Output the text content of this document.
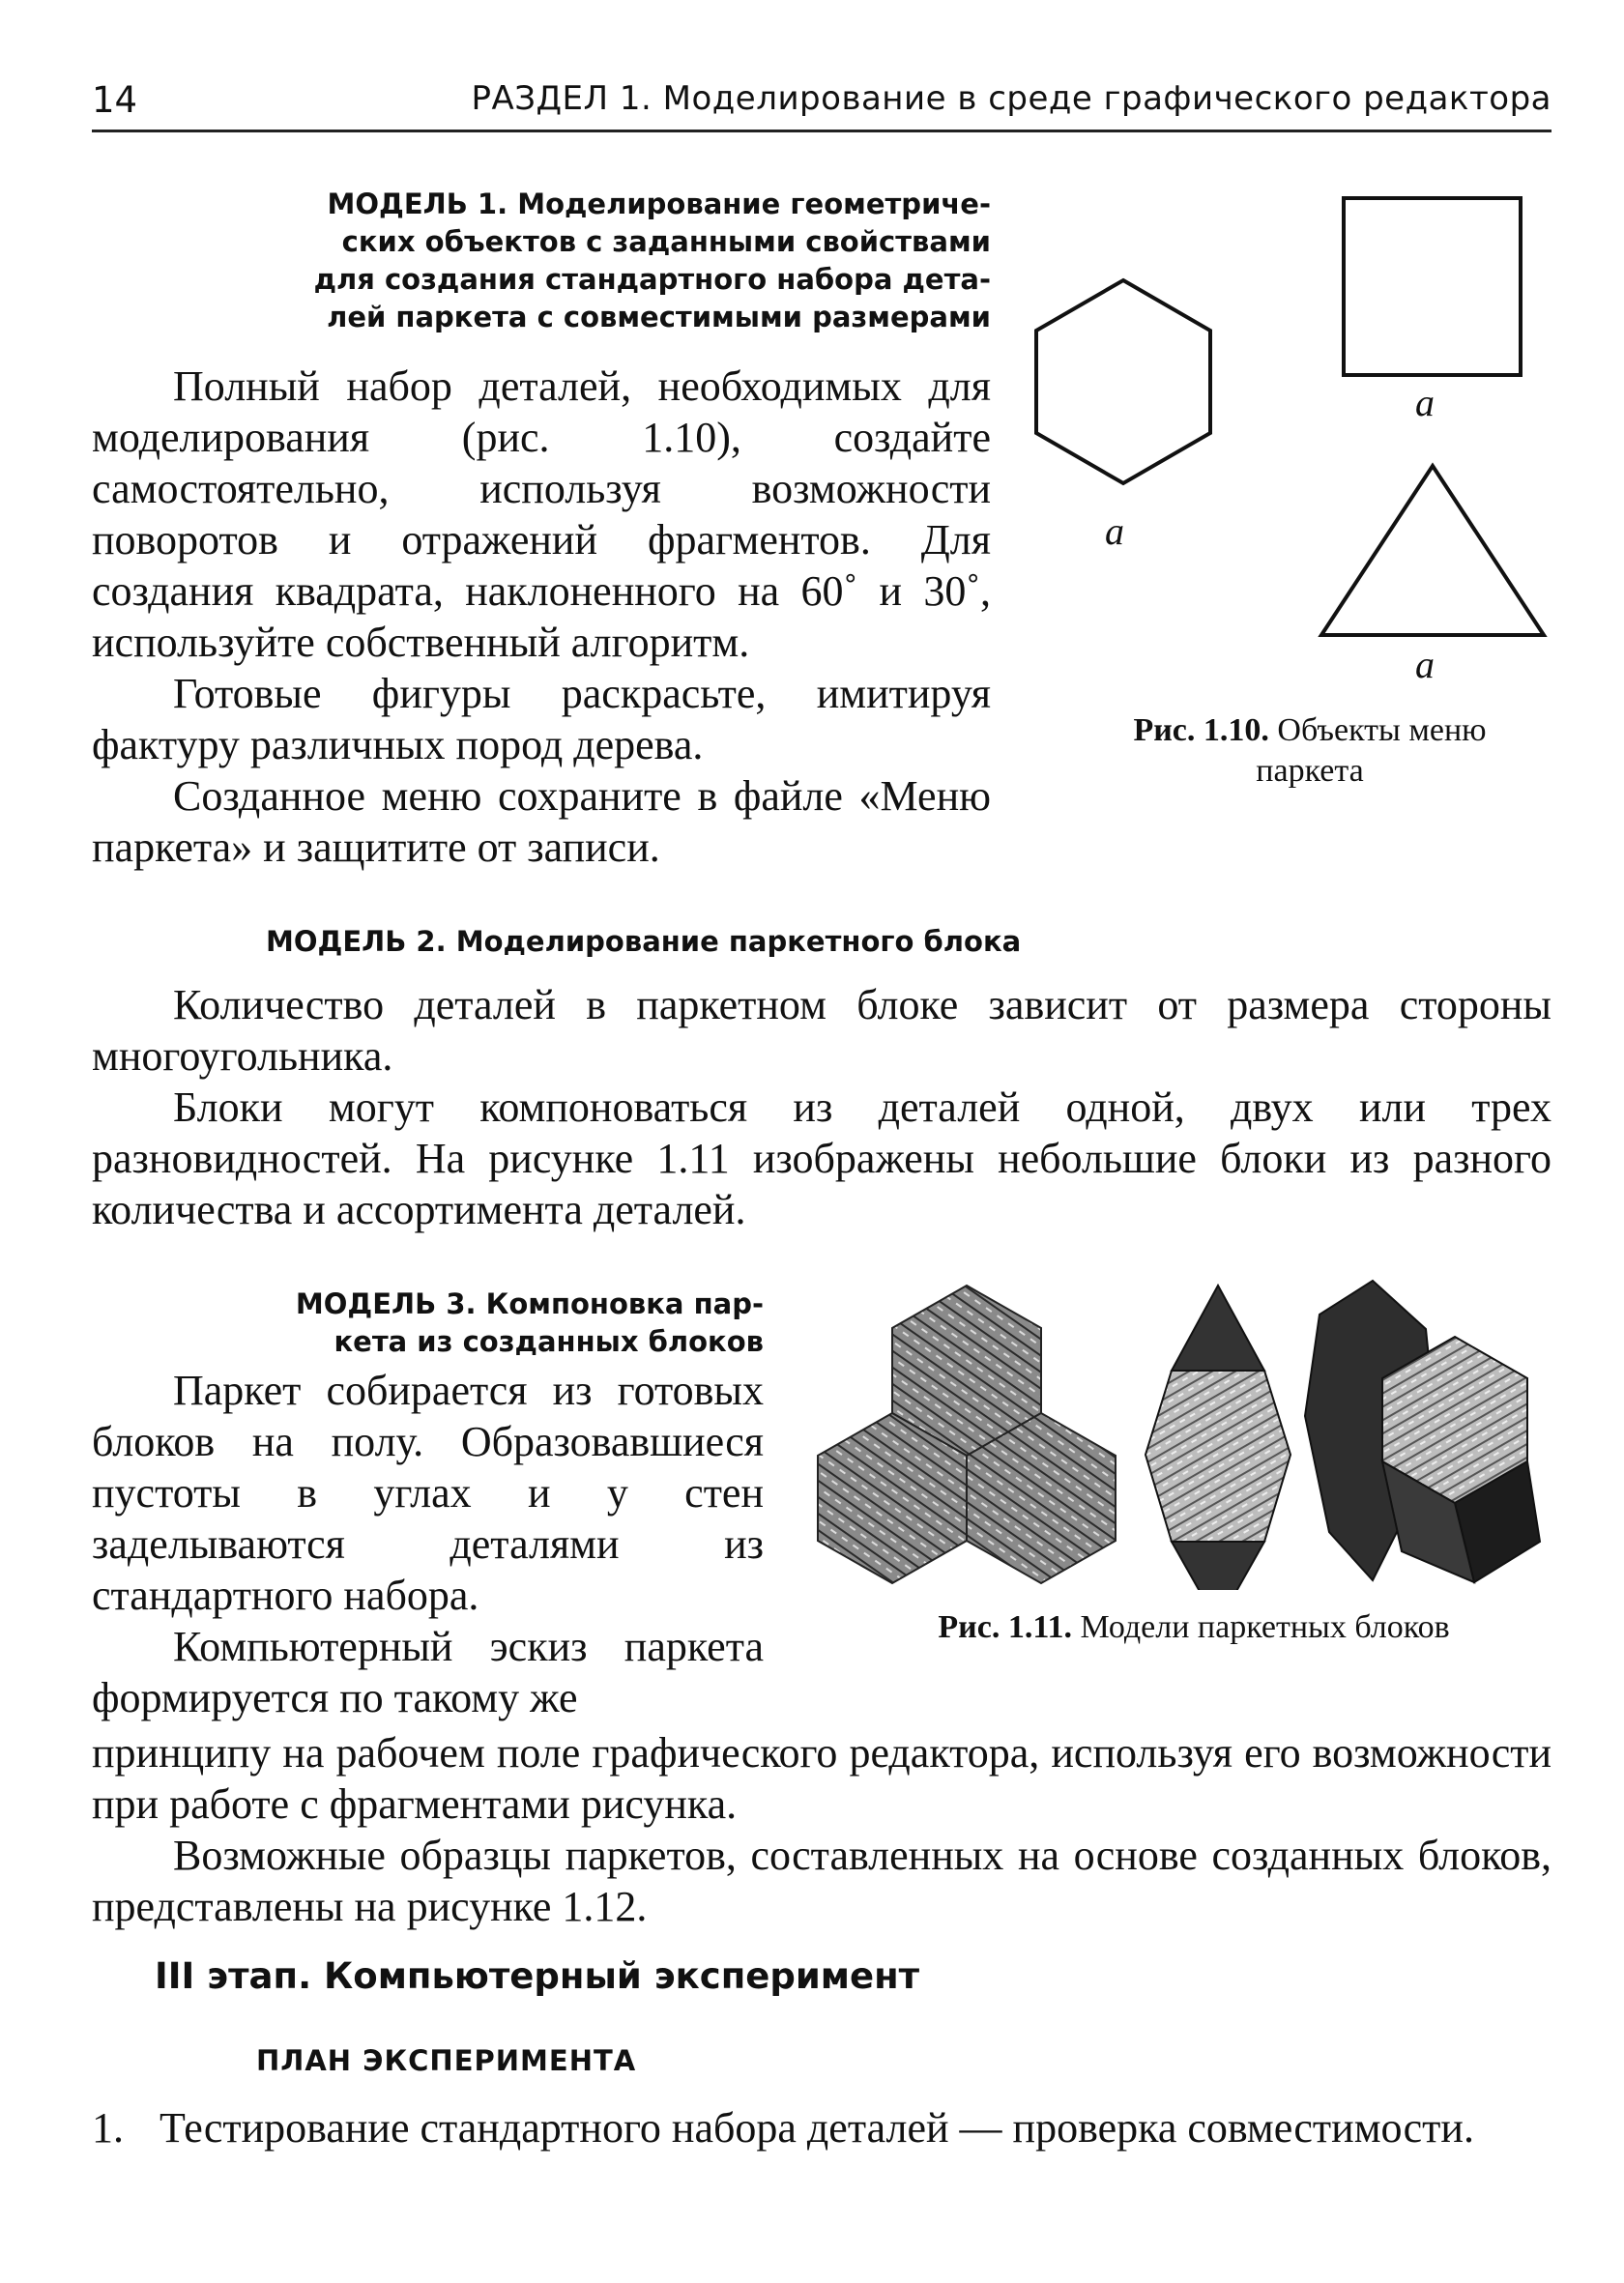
14	РАЗДЕЛ 1. Моделирование в среде графического редактора
МОДЕЛЬ 1. Моделирование геометриче-
ских объектов с заданными свойствами
для создания стандартного набора дета-
лей паркета с совместимыми размерами

Полный набор деталей, необходимых для моделирования (рис. 1.10), создайте самостоятельно, используя возможности поворотов и отражений фрагментов. Для создания квадрата, наклоненного на 60˚ и 30˚, используйте собственный алгоритм.

Готовые фигуры раскрасьте, имитируя фактуру различных пород дерева.

Созданное меню сохраните в файле «Меню паркета» и защитите от записи.

a
a
a
Рис. 1.10. Объекты меню
паркета
МОДЕЛЬ 2. Моделирование паркетного блока

Количество деталей в паркетном блоке зависит от размера стороны многоугольника.

Блоки могут компоноваться из деталей одной, двух или трех разновидностей. На рисунке 1.11 изображены небольшие блоки из разного количества и ассортимента деталей.

МОДЕЛЬ 3. Компоновка пар-
кета из созданных блоков

Паркет собирается из готовых блоков на полу. Образовавшиеся пустоты в углах и у стен заделываются деталями из стандартного набора.

Компьютерный эскиз паркета формируется по такому же

принципу на рабочем поле графического редактора, используя его возможности при работе с фрагментами рисунка.

Возможные образцы паркетов, составленных на основе созданных блоков, представлены на рисунке 1.12.

Рис. 1.11. Модели паркетных блоков
III этап. Компьютерный эксперимент
ПЛАН ЭКСПЕРИМЕНТА
1. Тестирование стандартного набора деталей — проверка совместимости.
